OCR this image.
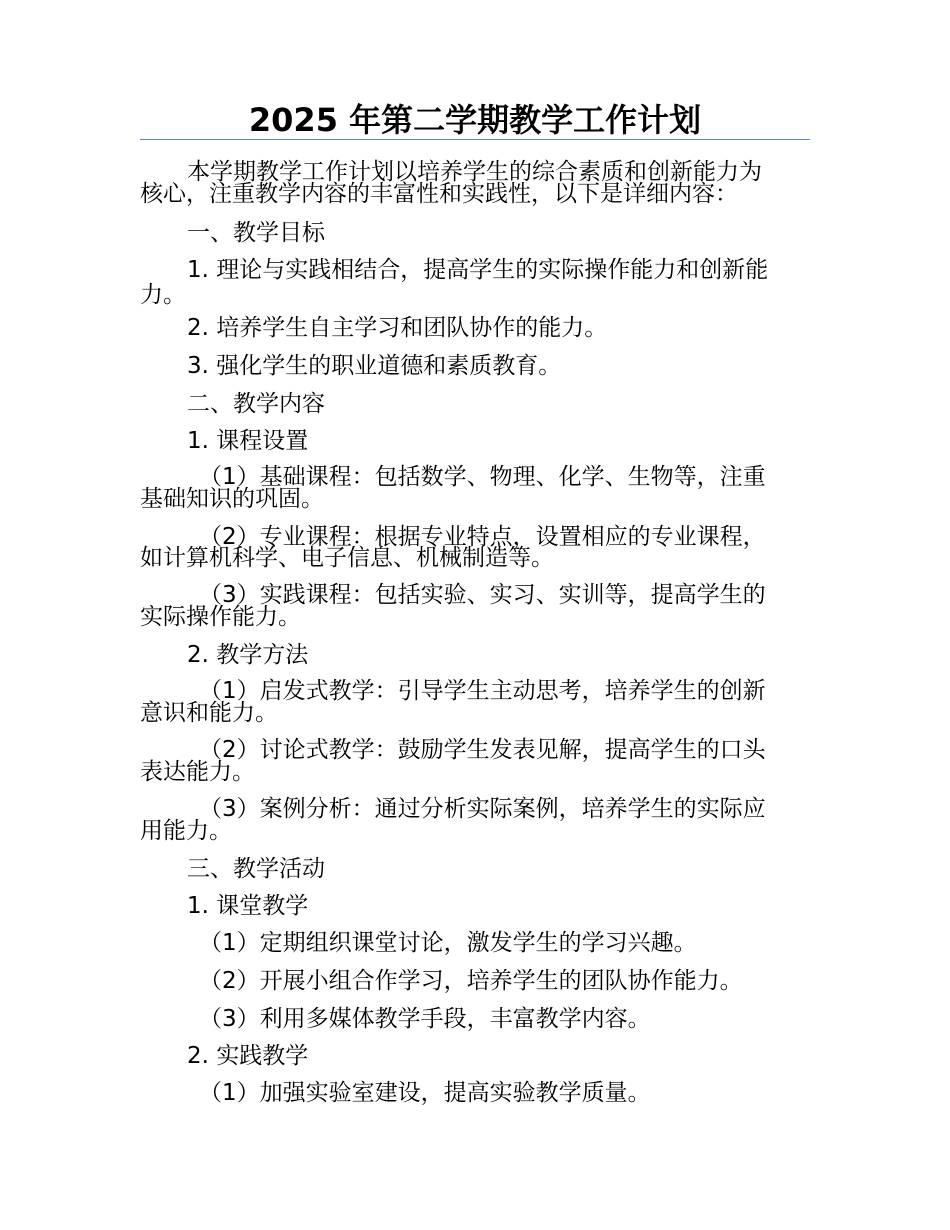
2025 年第二学期教学工作计划

本学期教学工作计划以培养学生的综合素质和创新能力为

核心，注重教学内容的丰富性和实践性，以下是详细内容：

一、教学目标

1. 理论与实践相结合，提高学生的实际操作能力和创新能

力。

2. 培养学生自主学习和团队协作的能力。

3. 强化学生的职业道德和素质教育。

二、教学内容

1. 课程设置

（1）基础课程：包括数学、物理、化学、生物等，注重

基础知识的巩固。

（2）专业课程：根据专业特点，设置相应的专业课程，

如计算机科学、电子信息、机械制造等。

（3）实践课程：包括实验、实习、实训等，提高学生的

实际操作能力。

2. 教学方法

（1）启发式教学：引导学生主动思考，培养学生的创新

意识和能力。

（2）讨论式教学：鼓励学生发表见解，提高学生的口头

表达能力。

（3）案例分析：通过分析实际案例，培养学生的实际应

用能力。

三、教学活动

1. 课堂教学

（1）定期组织课堂讨论，激发学生的学习兴趣。

（2）开展小组合作学习，培养学生的团队协作能力。

（3）利用多媒体教学手段，丰富教学内容。

2. 实践教学

（1）加强实验室建设，提高实验教学质量。
